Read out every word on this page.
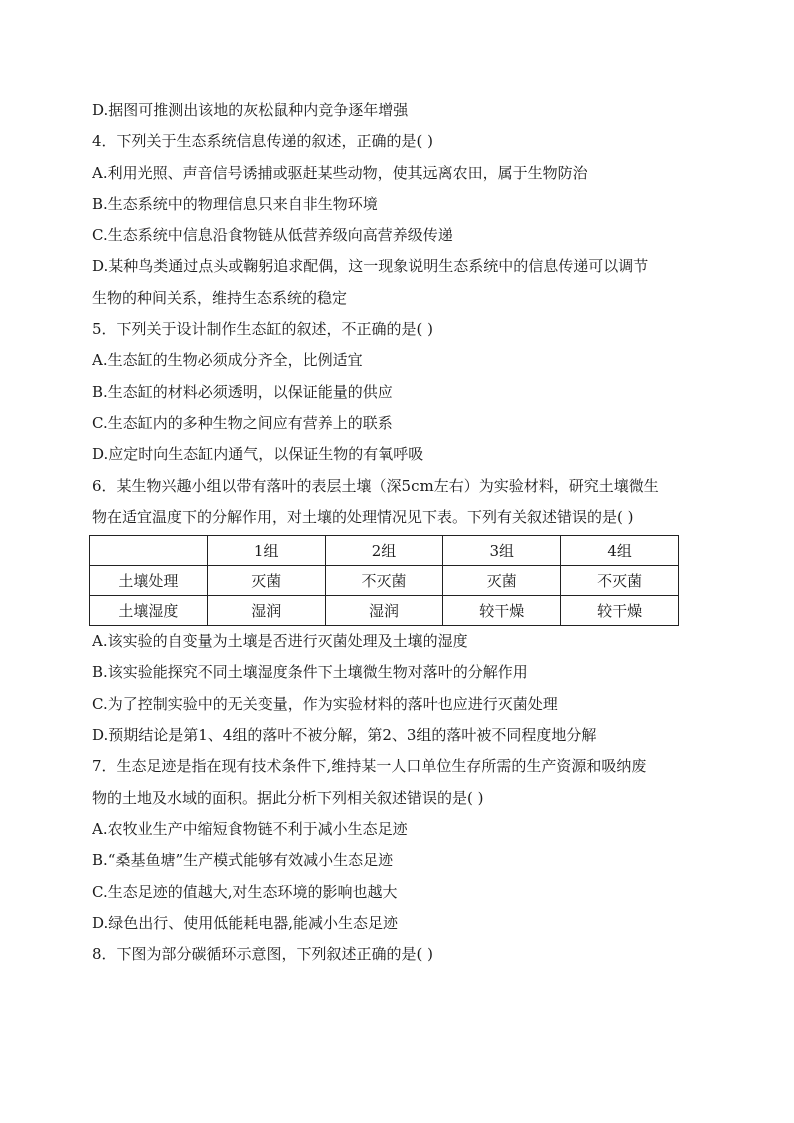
D.据图可推测出该地的灰松鼠种内竞争逐年增强
4．下列关于生态系统信息传递的叙述，正确的是( )
A.利用光照、声音信号诱捕或驱赶某些动物，使其远离农田，属于生物防治
B.生态系统中的物理信息只来自非生物环境
C.生态系统中信息沿食物链从低营养级向高营养级传递
D.某种鸟类通过点头或鞠躬追求配偶，这一现象说明生态系统中的信息传递可以调节
生物的种间关系，维持生态系统的稳定
5．下列关于设计制作生态缸的叙述，不正确的是( )
A.生态缸的生物必须成分齐全，比例适宜
B.生态缸的材料必须透明，以保证能量的供应
C.生态缸内的多种生物之间应有营养上的联系
D.应定时向生态缸内通气，以保证生物的有氧呼吸
6．某生物兴趣小组以带有落叶的表层土壤（深5cm左右）为实验材料，研究土壤微生
物在适宜温度下的分解作用，对土壤的处理情况见下表。下列有关叙述错误的是( )
	1组	2组	3组	4组
土壤处理	灭菌	不灭菌	灭菌	不灭菌
土壤湿度	湿润	湿润	较干燥	较干燥
A.该实验的自变量为土壤是否进行灭菌处理及土壤的湿度
B.该实验能探究不同土壤湿度条件下土壤微生物对落叶的分解作用
C.为了控制实验中的无关变量，作为实验材料的落叶也应进行灭菌处理
D.预期结论是第1、4组的落叶不被分解，第2、3组的落叶被不同程度地分解
7．生态足迹是指在现有技术条件下,维持某一人口单位生存所需的生产资源和吸纳废
物的土地及水域的面积。据此分析下列相关叙述错误的是( )
A.农牧业生产中缩短食物链不利于减小生态足迹
B.“桑基鱼塘”生产模式能够有效减小生态足迹
C.生态足迹的值越大,对生态环境的影响也越大
D.绿色出行、使用低能耗电器,能减小生态足迹
8．下图为部分碳循环示意图，下列叙述正确的是( )
